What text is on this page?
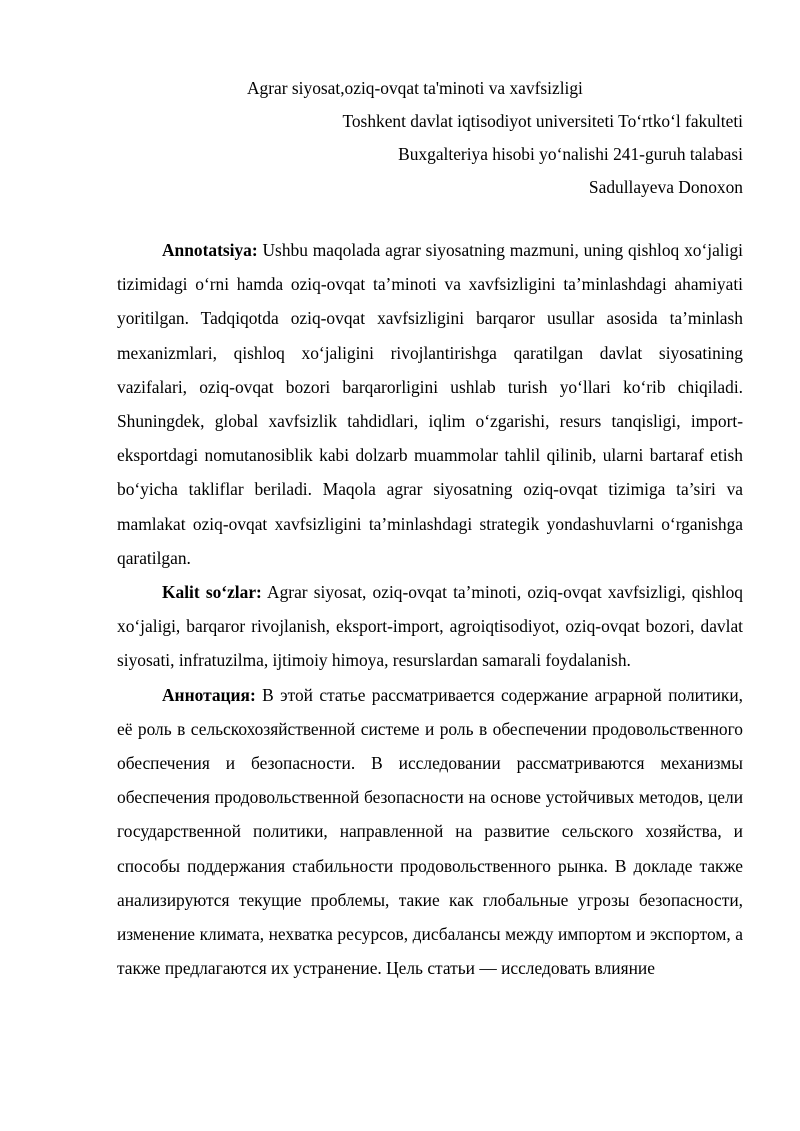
Agrar siyosat,oziq-ovqat ta'minoti va xavfsizligi
Toshkent davlat iqtisodiyot universiteti To‘rtko‘l fakulteti
Buxgalteriya hisobi yo‘nalishi 241-guruh talabasi
Sadullayeva Donoxon

Annotatsiya: Ushbu maqolada agrar siyosatning mazmuni, uning qishloq xo‘jaligi tizimidagi o‘rni hamda oziq-ovqat ta’minoti va xavfsizligini ta’minlashdagi ahamiyati yoritilgan. Tadqiqotda oziq-ovqat xavfsizligini barqaror usullar asosida ta’minlash mexanizmlari, qishloq xo‘jaligini rivojlantirishga qaratilgan davlat siyosatining vazifalari, oziq-ovqat bozori barqarorligini ushlab turish yo‘llari ko‘rib chiqiladi. Shuningdek, global xavfsizlik tahdidlari, iqlim o‘zgarishi, resurs tanqisligi, import-eksportdagi nomutanosiblik kabi dolzarb muammolar tahlil qilinib, ularni bartaraf etish bo‘yicha takliflar beriladi. Maqola agrar siyosatning oziq-ovqat tizimiga ta’siri va mamlakat oziq-ovqat xavfsizligini ta’minlashdagi strategik yondashuvlarni o‘rganishga qaratilgan.

Kalit so‘zlar: Agrar siyosat, oziq-ovqat ta’minoti, oziq-ovqat xavfsizligi, qishloq xo‘jaligi, barqaror rivojlanish, eksport-import, agroiqtisodiyot, oziq-ovqat bozori, davlat siyosati, infratuzilma, ijtimoiy himoya, resurslardan samarali foydalanish.

Аннотация: В этой статье рассматривается содержание аграрной политики, её роль в сельскохозяйственной системе и роль в обеспечении продовольственного обеспечения и безопасности. В исследовании рассматриваются механизмы обеспечения продовольственной безопасности на основе устойчивых методов, цели государственной политики, направленной на развитие сельского хозяйства, и способы поддержания стабильности продовольственного рынка. В докладе также анализируются текущие проблемы, такие как глобальные угрозы безопасности, изменение климата, нехватка ресурсов, дисбалансы между импортом и экспортом, а также предлагаются их устранение. Цель статьи — исследовать влияние
